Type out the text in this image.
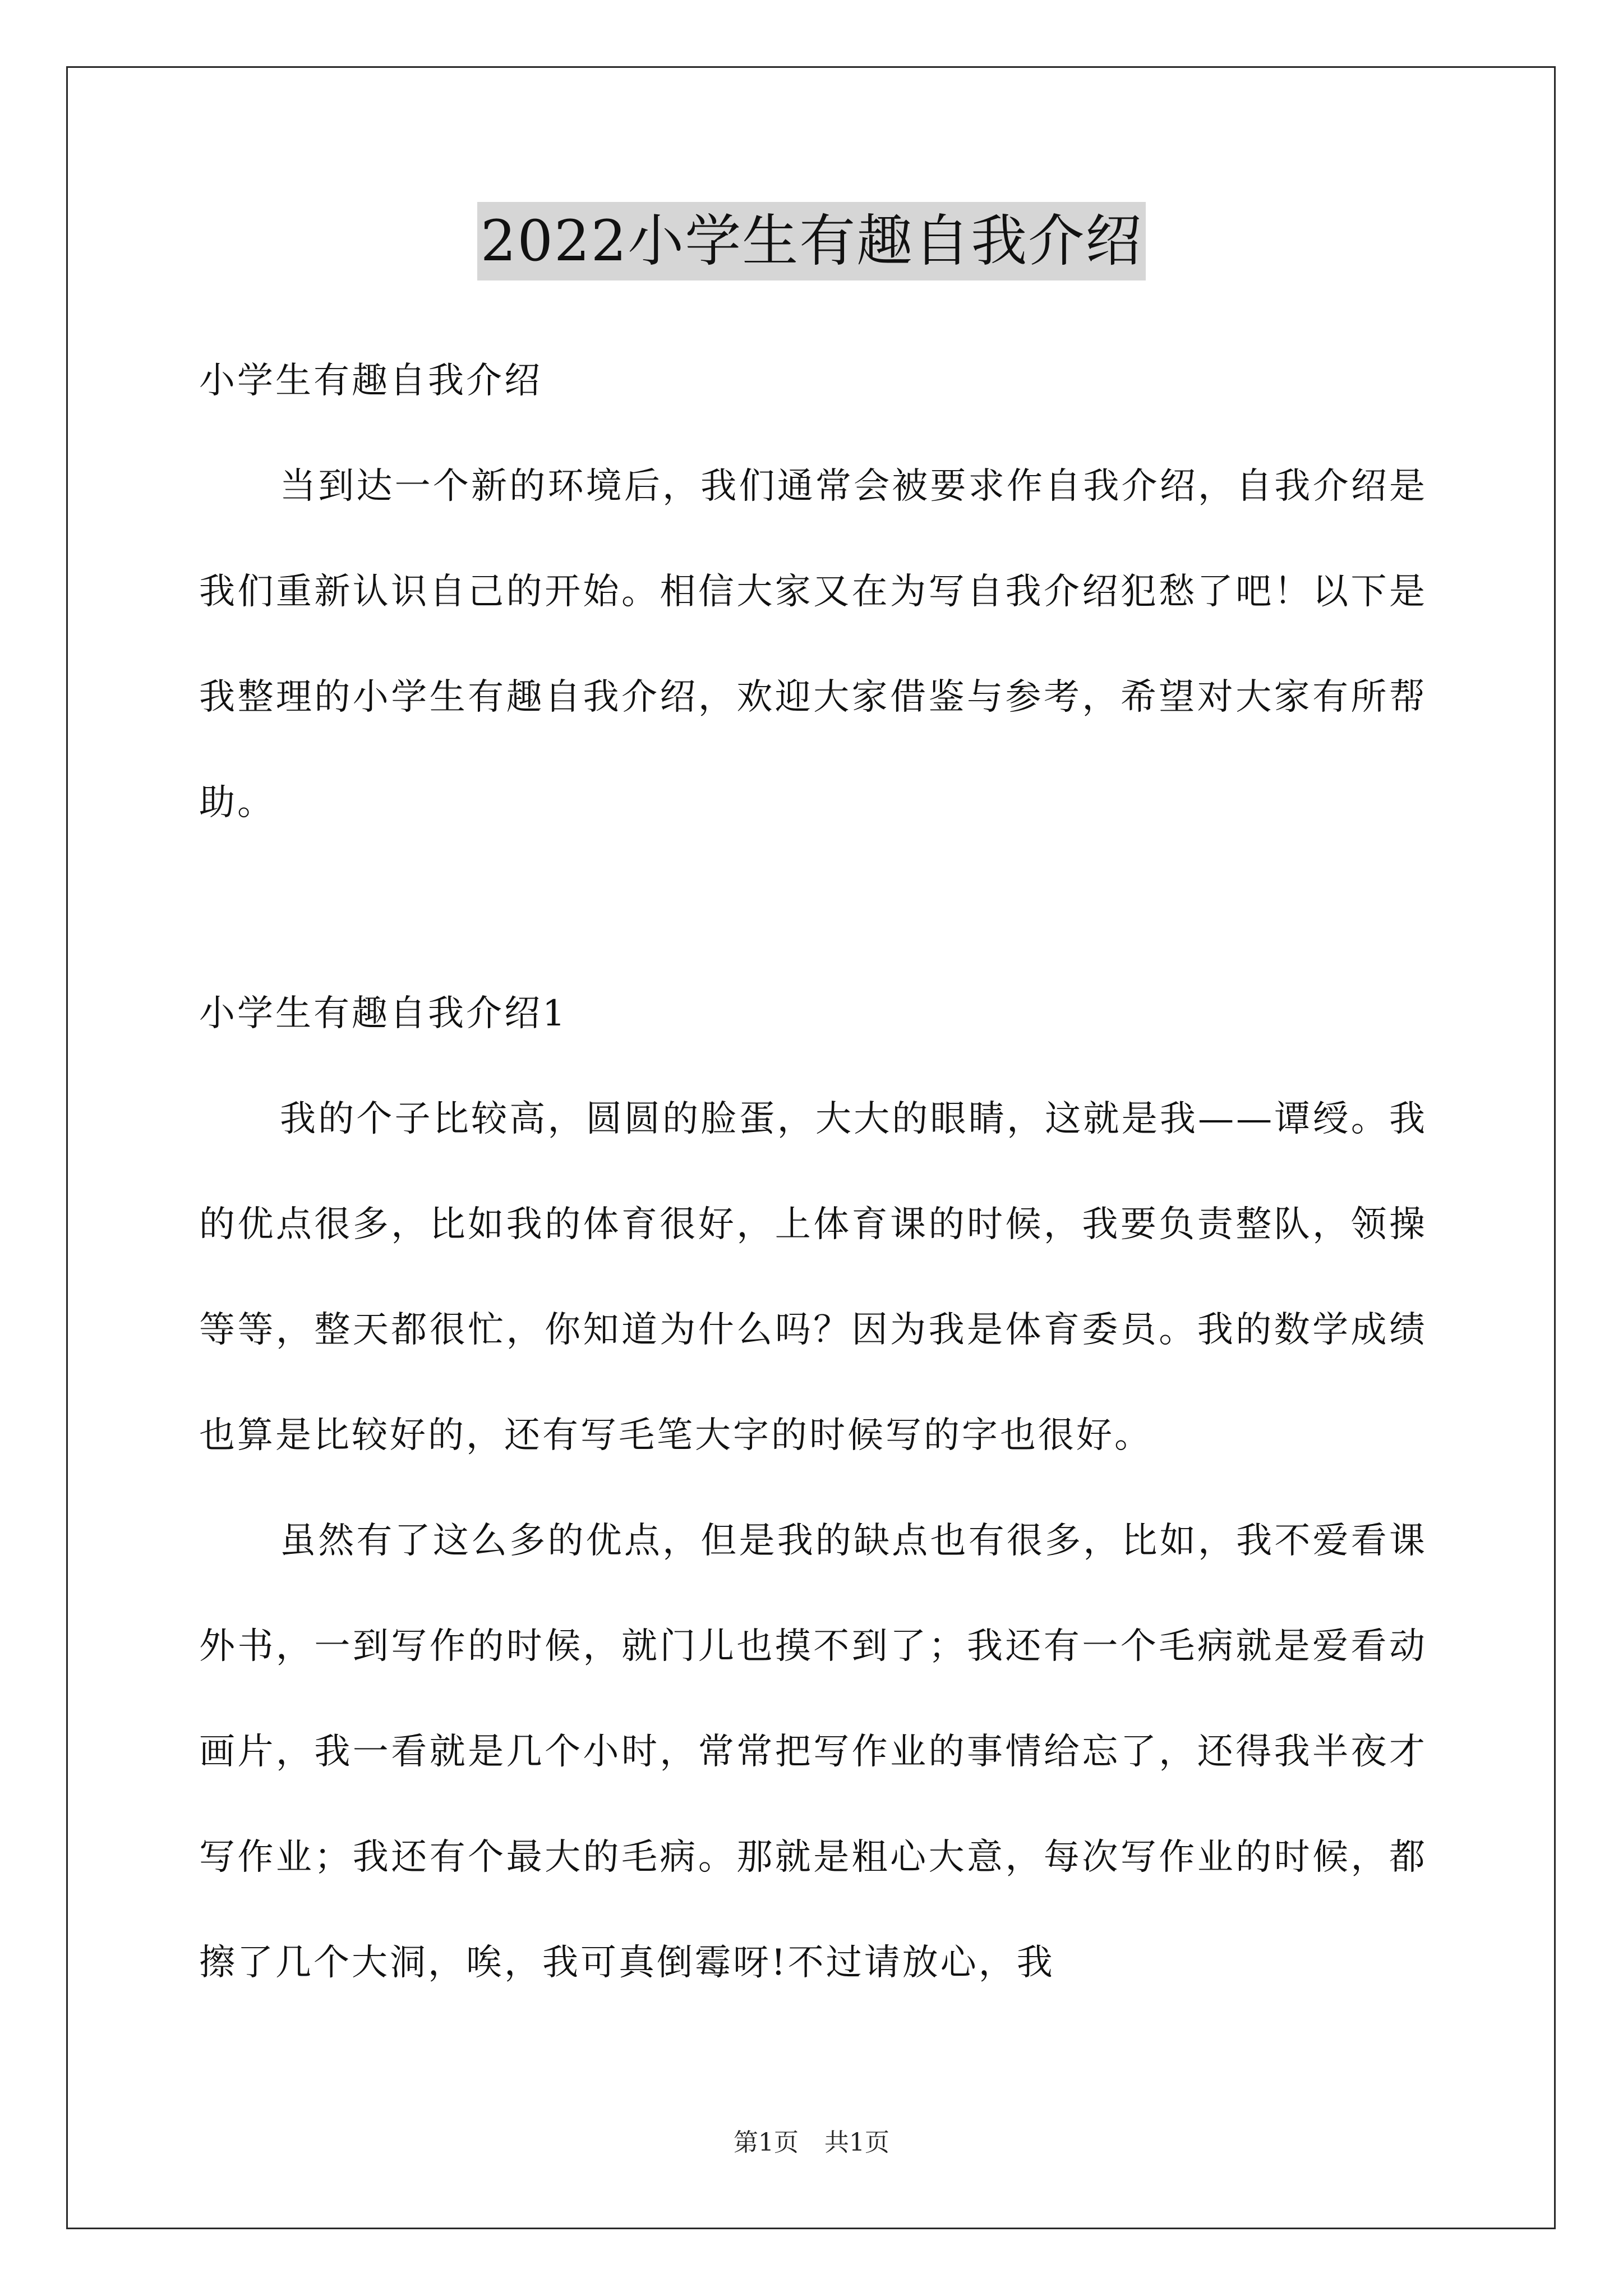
2022小学生有趣自我介绍

小学生有趣自我介绍

当到达一个新的环境后，我们通常会被要求作自我介绍，自我介绍是我们重新认识自己的开始。相信大家又在为写自我介绍犯愁了吧！以下是我整理的小学生有趣自我介绍，欢迎大家借鉴与参考，希望对大家有所帮助。

小学生有趣自我介绍1

我的个子比较高，圆圆的脸蛋，大大的眼睛，这就是我——谭绶。我的优点很多，比如我的体育很好，上体育课的时候，我要负责整队，领操等等，整天都很忙，你知道为什么吗？因为我是体育委员。我的数学成绩也算是比较好的，还有写毛笔大字的时候写的字也很好。

虽然有了这么多的优点，但是我的缺点也有很多，比如，我不爱看课外书，一到写作的时候，就门儿也摸不到了；我还有一个毛病就是爱看动画片，我一看就是几个小时，常常把写作业的事情给忘了，还得我半夜才写作业；我还有个最大的毛病。那就是粗心大意，每次写作业的时候，都擦了几个大洞，唉，我可真倒霉呀!不过请放心，我

第1页 共1页
